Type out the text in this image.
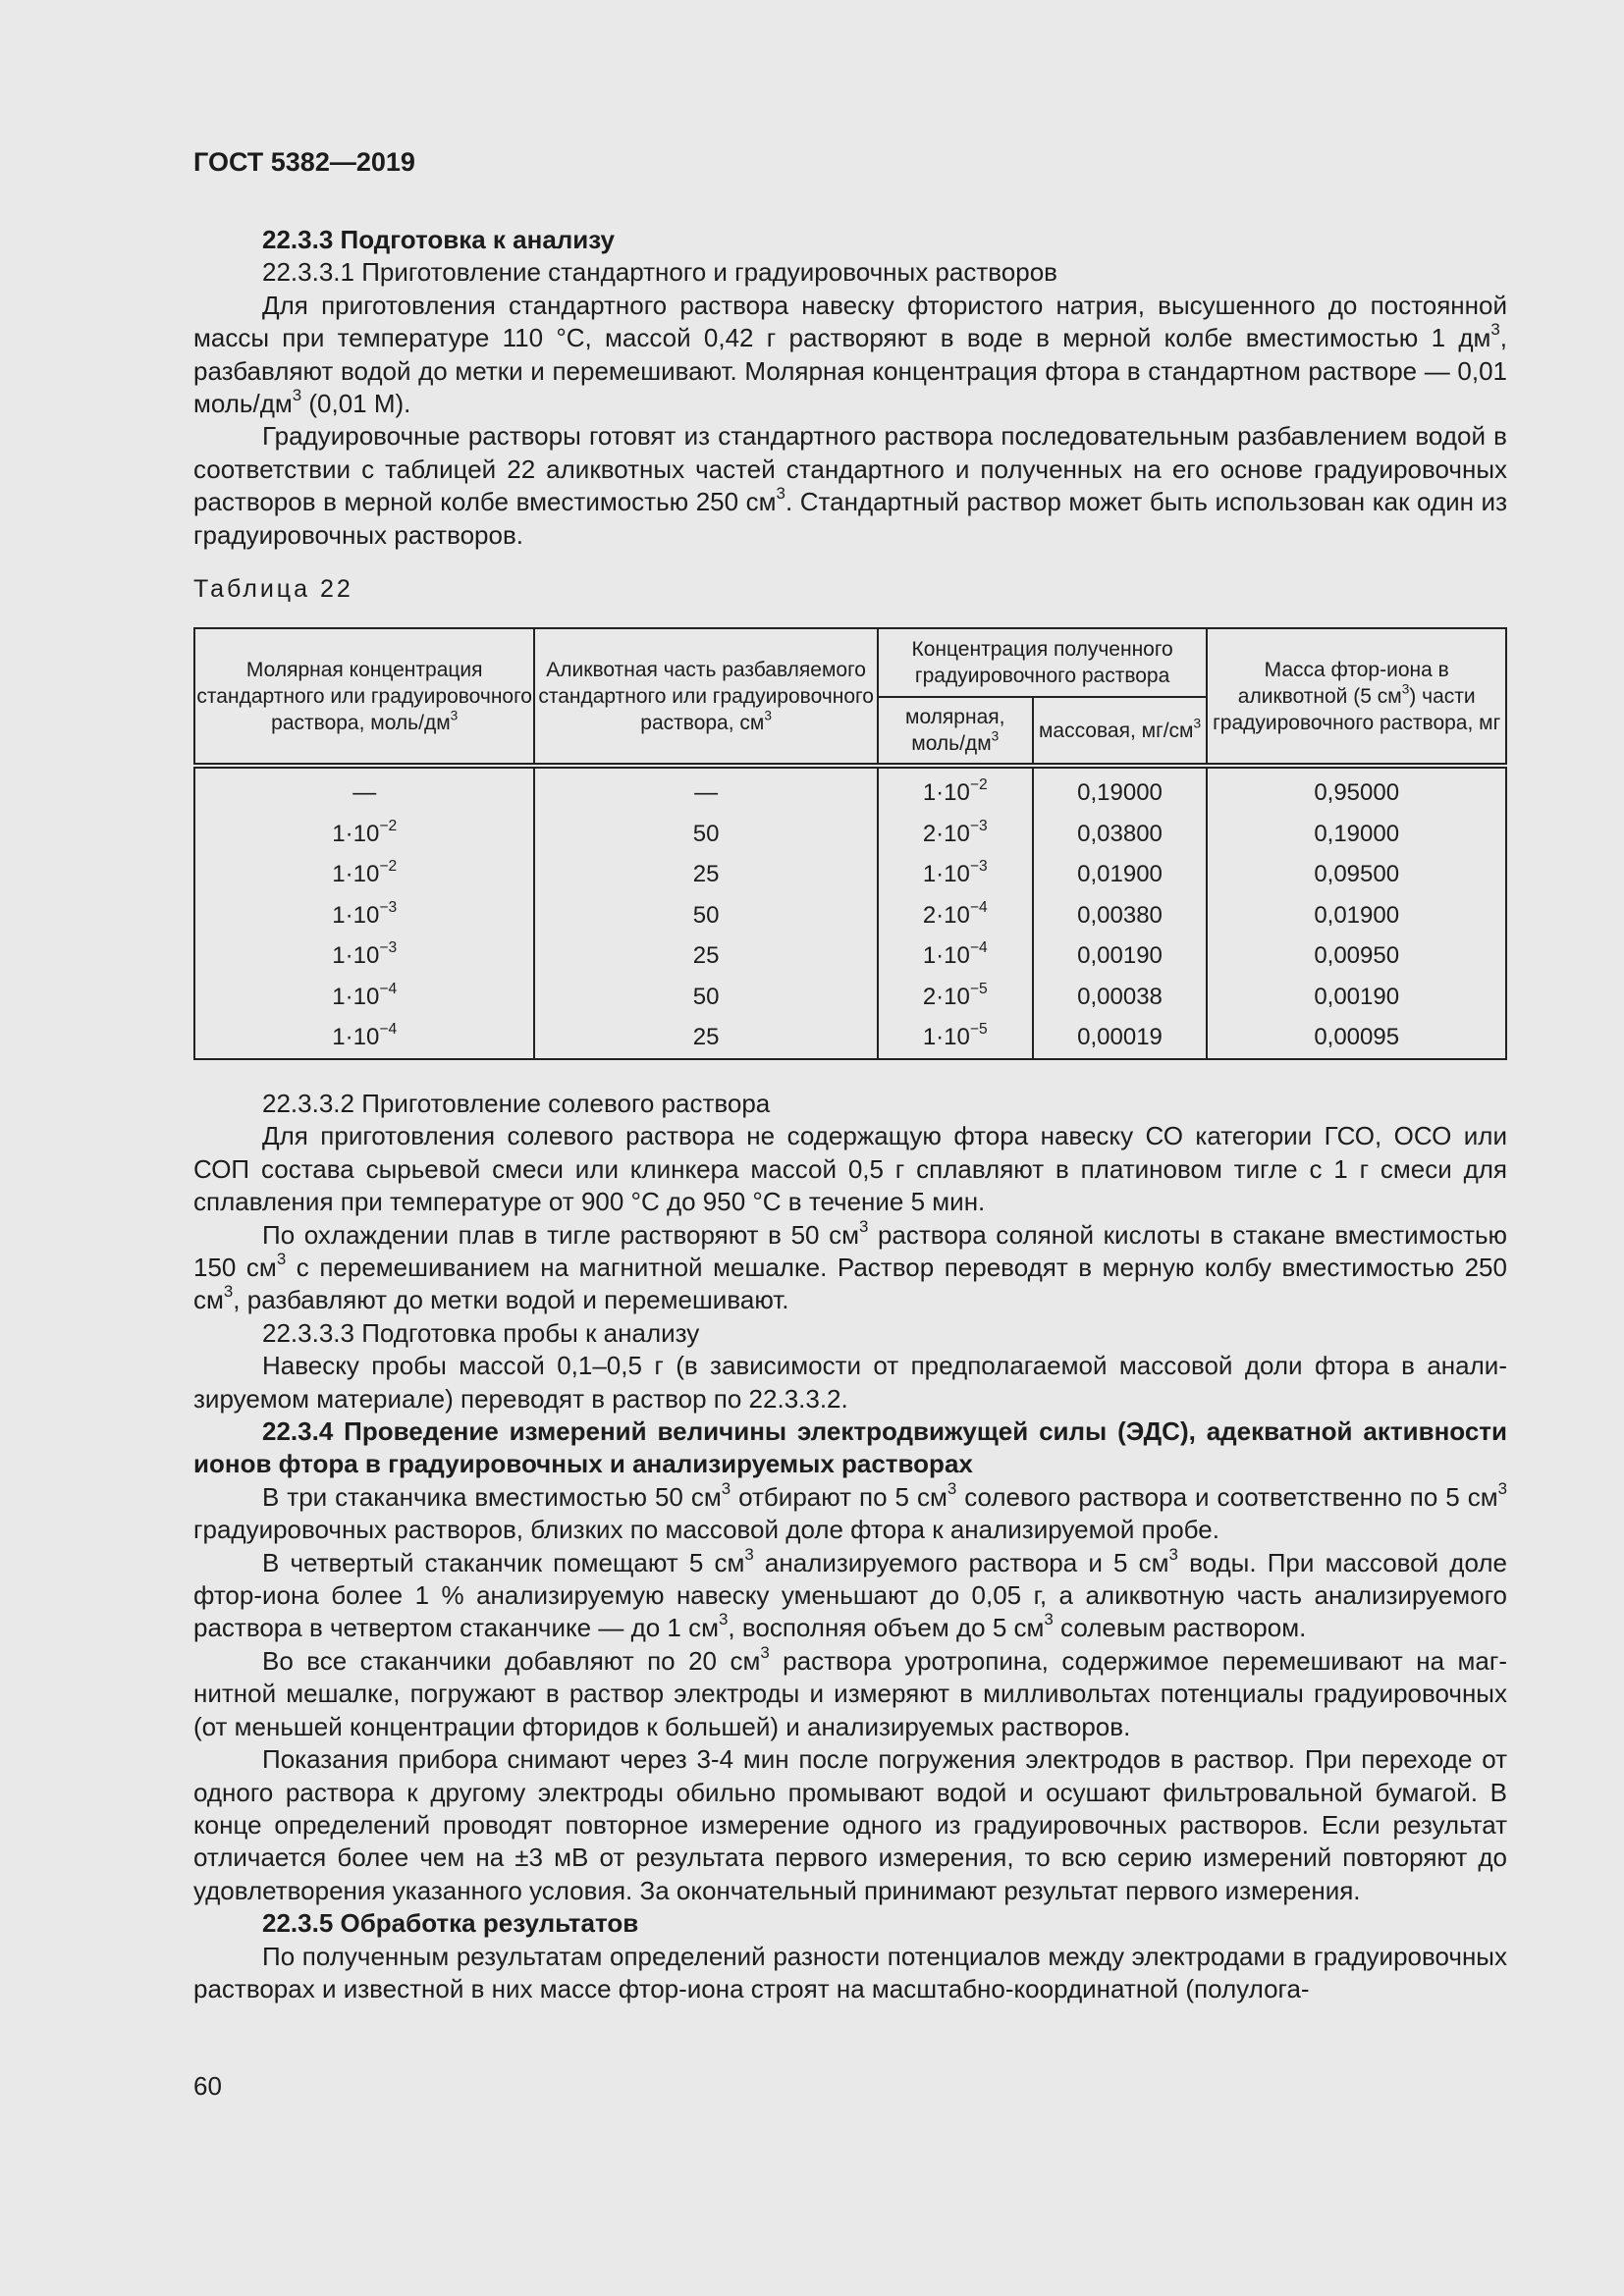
ГОСТ 5382—2019

22.3.3 Подготовка к анализу

22.3.3.1 Приготовление стандартного и градуировочных растворов

Для приготовления стандартного раствора навеску фтористого натрия, высушенного до постоянной массы при температуре 110 °С, массой 0,42 г растворяют в воде в мерной колбе вместимостью 1 $дм^3$, разбавляют водой до метки и перемешивают. Молярная концентрация фтора в стандартном растворе — 0,01 моль/$дм^3$ (0,01 М).

Градуировочные растворы готовят из стандартного раствора последовательным разбавлением водой в соответствии с таблицей 22 аликвотных частей стандартного и полученных на его основе градуировочных растворов в мерной колбе вместимостью 250 $см^3$. Стандартный раствор может быть использован как один из градуировочных растворов.

Таблица 22
Молярная концентрация стандартного или градуировочного раствора, моль/$дм^3$	Аликвотная часть разбавляемого стандартного или градуировочного раствора, $см^3$	Концентрация полученного градуировочного раствора		Масса фтор-иона в аликвотной (5 $см^3$) части градуировочного раствора, мг
		молярная, моль/$дм^3$	массовая, $мг/см^3$
—	—	$1\cdot 10^{-2}$	0,19000	0,95000
$1\cdot 10^{-2}$	50	$2\cdot 10^{-3}$	0,03800	0,19000
$1\cdot 10^{-2}$	25	$1\cdot 10^{-3}$	0,01900	0,09500
$1\cdot 10^{-3}$	50	$2\cdot 10^{-4}$	0,00380	0,01900
$1\cdot 10^{-3}$	25	$1\cdot 10^{-4}$	0,00190	0,00950
$1\cdot 10^{-4}$	50	$2\cdot 10^{-5}$	0,00038	0,00190
$1\cdot 10^{-4}$	25	$1\cdot 10^{-5}$	0,00019	0,00095

22.3.3.2 Приготовление солевого раствора

Для приготовления солевого раствора не содержащую фтора навеску СО категории ГСО, ОСО или СОП состава сырьевой смеси или клинкера массой 0,5 г сплавляют в платиновом тигле с 1 г смеси для сплавления при температуре от 900 °С до 950 °С в течение 5 мин.

По охлаждении плав в тигле растворяют в 50 $см^3$ раствора соляной кислоты в стакане вместимостью 150 $см^3$ с перемешиванием на магнитной мешалке. Раствор переводят в мерную колбу вместимостью 250 $см^3$, разбавляют до метки водой и перемешивают.

22.3.3.3 Подготовка пробы к анализу

Навеску пробы массой 0,1–0,5 г (в зависимости от предполагаемой массовой доли фтора в анализируемом материале) переводят в раствор по 22.3.3.2.

22.3.4 Проведение измерений величины электродвижущей силы (ЭДС), адекватной активности ионов фтора в градуировочных и анализируемых растворах

В три стаканчика вместимостью 50 $см^3$ отбирают по 5 $см^3$ солевого раствора и соответственно по 5 $см^3$ градуировочных растворов, близких по массовой доле фтора к анализируемой пробе.

В четвертый стаканчик помещают 5 $см^3$ анализируемого раствора и 5 $см^3$ воды. При массовой доле фтор-иона более 1 % анализируемую навеску уменьшают до 0,05 г, а аликвотную часть анализируемого раствора в четвертом стаканчике — до 1 $см^3$, восполняя объем до 5 $см^3$ солевым раствором.

Во все стаканчики добавляют по 20 $см^3$ раствора уротропина, содержимое перемешивают на магнитной мешалке, погружают в раствор электроды и измеряют в милливольтах потенциалы градуировочных (от меньшей концентрации фторидов к большей) и анализируемых растворов.

Показания прибора снимают через 3-4 мин после погружения электродов в раствор. При переходе от одного раствора к другому электроды обильно промывают водой и осушают фильтровальной бумагой. В конце определений проводят повторное измерение одного из градуировочных растворов. Если результат отличается более чем на ±3 мВ от результата первого измерения, то всю серию измерений повторяют до удовлетворения указанного условия. За окончательный принимают результат первого измерения.

22.3.5 Обработка результатов

По полученным результатам определений разности потенциалов между электродами в градуировочных растворах и известной в них массе фтор-иона строят на масштабно-координатной (полулога-

60
